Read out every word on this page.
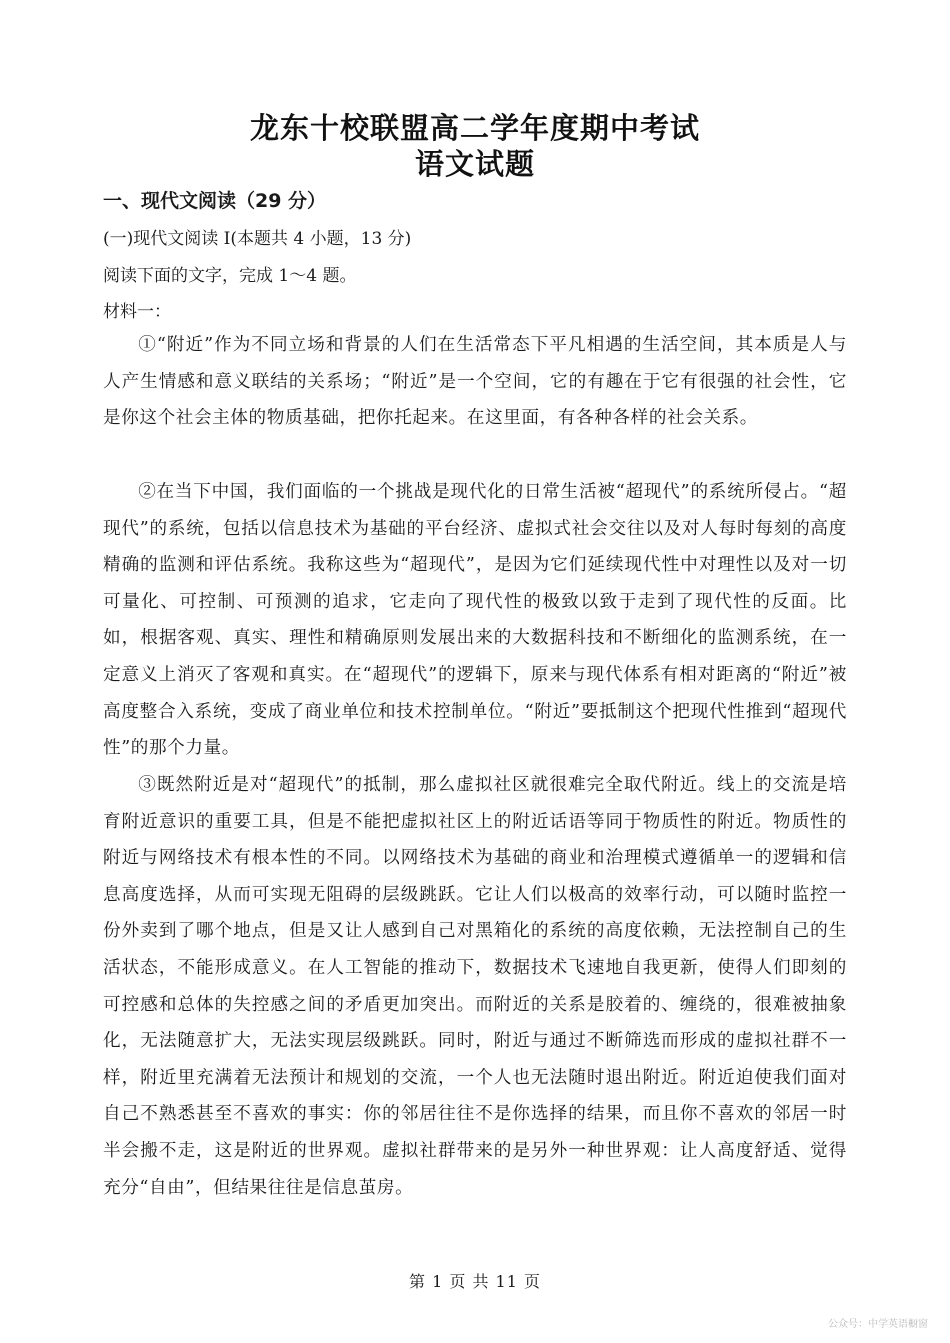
龙东十校联盟高二学年度期中考试
语文试题
一、现代文阅读（29 分）
(一)现代文阅读 I(本题共 4 小题，13 分)
阅读下面的文字，完成 1～4 题。
材料一：

①“附近”作为不同立场和背景的人们在生活常态下平凡相遇的生活空间，其本质是人与人产生情感和意义联结的关系场；“附近”是一个空间，它的有趣在于它有很强的社会性，它是你这个社会主体的物质基础，把你托起来。在这里面，有各种各样的社会关系。

②在当下中国，我们面临的一个挑战是现代化的日常生活被“超现代”的系统所侵占。“超现代”的系统，包括以信息技术为基础的平台经济、虚拟式社会交往以及对人每时每刻的高度精确的监测和评估系统。我称这些为“超现代”，是因为它们延续现代性中对理性以及对一切可量化、可控制、可预测的追求，它走向了现代性的极致以致于走到了现代性的反面。比如，根据客观、真实、理性和精确原则发展出来的大数据科技和不断细化的监测系统，在一定意义上消灭了客观和真实。在“超现代”的逻辑下，原来与现代体系有相对距离的“附近”被高度整合入系统，变成了商业单位和技术控制单位。“附近”要抵制这个把现代性推到“超现代性”的那个力量。

③既然附近是对“超现代”的抵制，那么虚拟社区就很难完全取代附近。线上的交流是培育附近意识的重要工具，但是不能把虚拟社区上的附近话语等同于物质性的附近。物质性的附近与网络技术有根本性的不同。以网络技术为基础的商业和治理模式遵循单一的逻辑和信息高度选择，从而可实现无阻碍的层级跳跃。它让人们以极高的效率行动，可以随时监控一份外卖到了哪个地点，但是又让人感到自己对黑箱化的系统的高度依赖，无法控制自己的生活状态，不能形成意义。在人工智能的推动下，数据技术飞速地自我更新，使得人们即刻的可控感和总体的失控感之间的矛盾更加突出。而附近的关系是胶着的、缠绕的，很难被抽象化，无法随意扩大，无法实现层级跳跃。同时，附近与通过不断筛选而形成的虚拟社群不一样，附近里充满着无法预计和规划的交流，一个人也无法随时退出附近。附近迫使我们面对自己不熟悉甚至不喜欢的事实：你的邻居往往不是你选择的结果，而且你不喜欢的邻居一时半会搬不走，这是附近的世界观。虚拟社群带来的是另外一种世界观：让人高度舒适、觉得充分“自由”，但结果往往是信息茧房。

第 1 页 共 11 页
公众号：中学英语橱窗
